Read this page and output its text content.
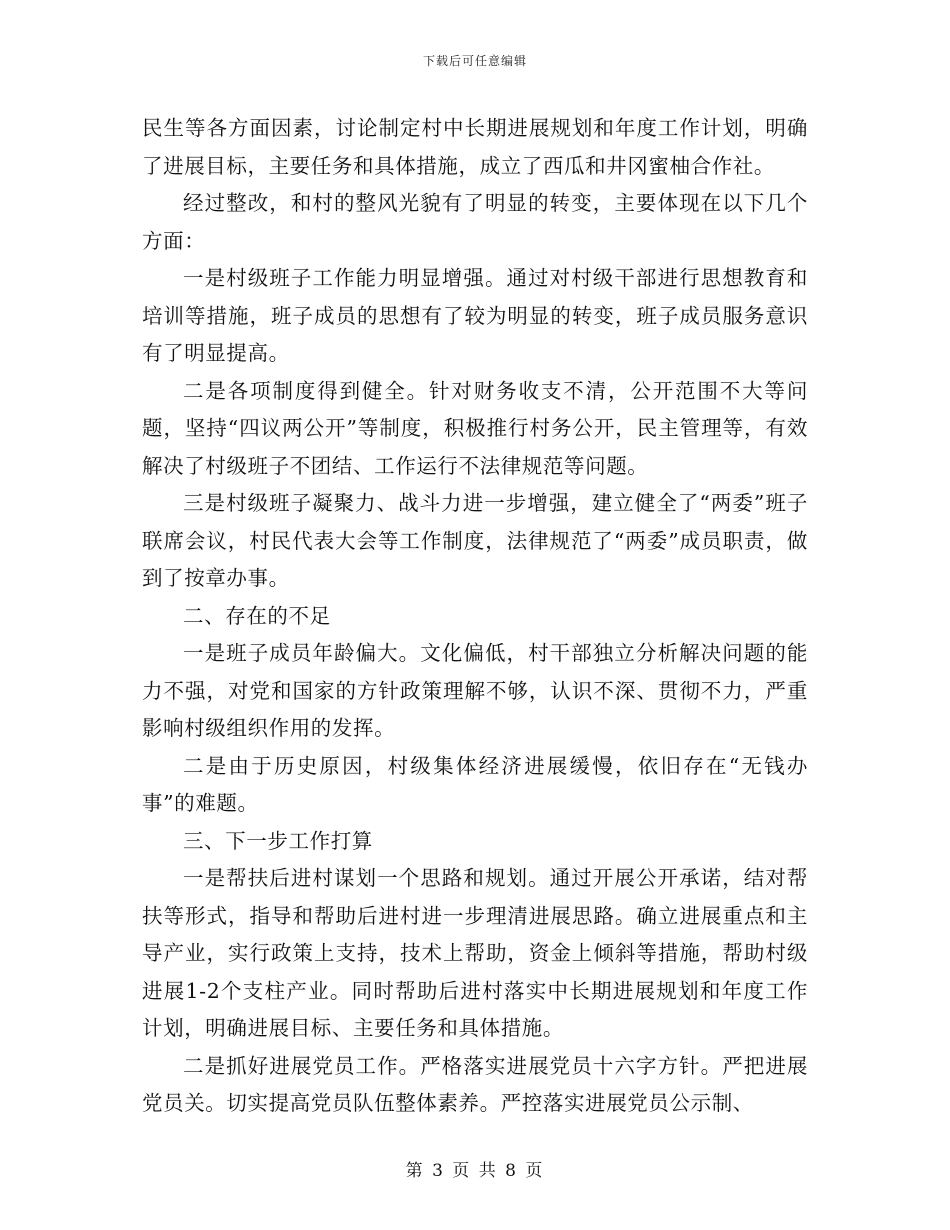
下载后可任意编辑

民生等各方面因素，讨论制定村中长期进展规划和年度工作计划，明确了进展目标，主要任务和具体措施，成立了西瓜和井冈蜜柚合作社。

经过整改，和村的整风光貌有了明显的转变，主要体现在以下几个方面：

一是村级班子工作能力明显增强。通过对村级干部进行思想教育和培训等措施，班子成员的思想有了较为明显的转变，班子成员服务意识有了明显提高。

二是各项制度得到健全。针对财务收支不清，公开范围不大等问题，坚持“四议两公开”等制度，积极推行村务公开，民主管理等，有效解决了村级班子不团结、工作运行不法律规范等问题。

三是村级班子凝聚力、战斗力进一步增强，建立健全了“两委”班子联席会议，村民代表大会等工作制度，法律规范了“两委”成员职责，做到了按章办事。

二、存在的不足

一是班子成员年龄偏大。文化偏低，村干部独立分析解决问题的能力不强，对党和国家的方针政策理解不够，认识不深、贯彻不力，严重影响村级组织作用的发挥。

二是由于历史原因，村级集体经济进展缓慢，依旧存在“无钱办事”的难题。

三、下一步工作打算

一是帮扶后进村谋划一个思路和规划。通过开展公开承诺，结对帮扶等形式，指导和帮助后进村进一步理清进展思路。确立进展重点和主导产业，实行政策上支持，技术上帮助，资金上倾斜等措施，帮助村级进展1-2个支柱产业。同时帮助后进村落实中长期进展规划和年度工作计划，明确进展目标、主要任务和具体措施。

二是抓好进展党员工作。严格落实进展党员十六字方针。严把进展党员关。切实提高党员队伍整体素养。严控落实进展党员公示制、

第 3 页 共 8 页
